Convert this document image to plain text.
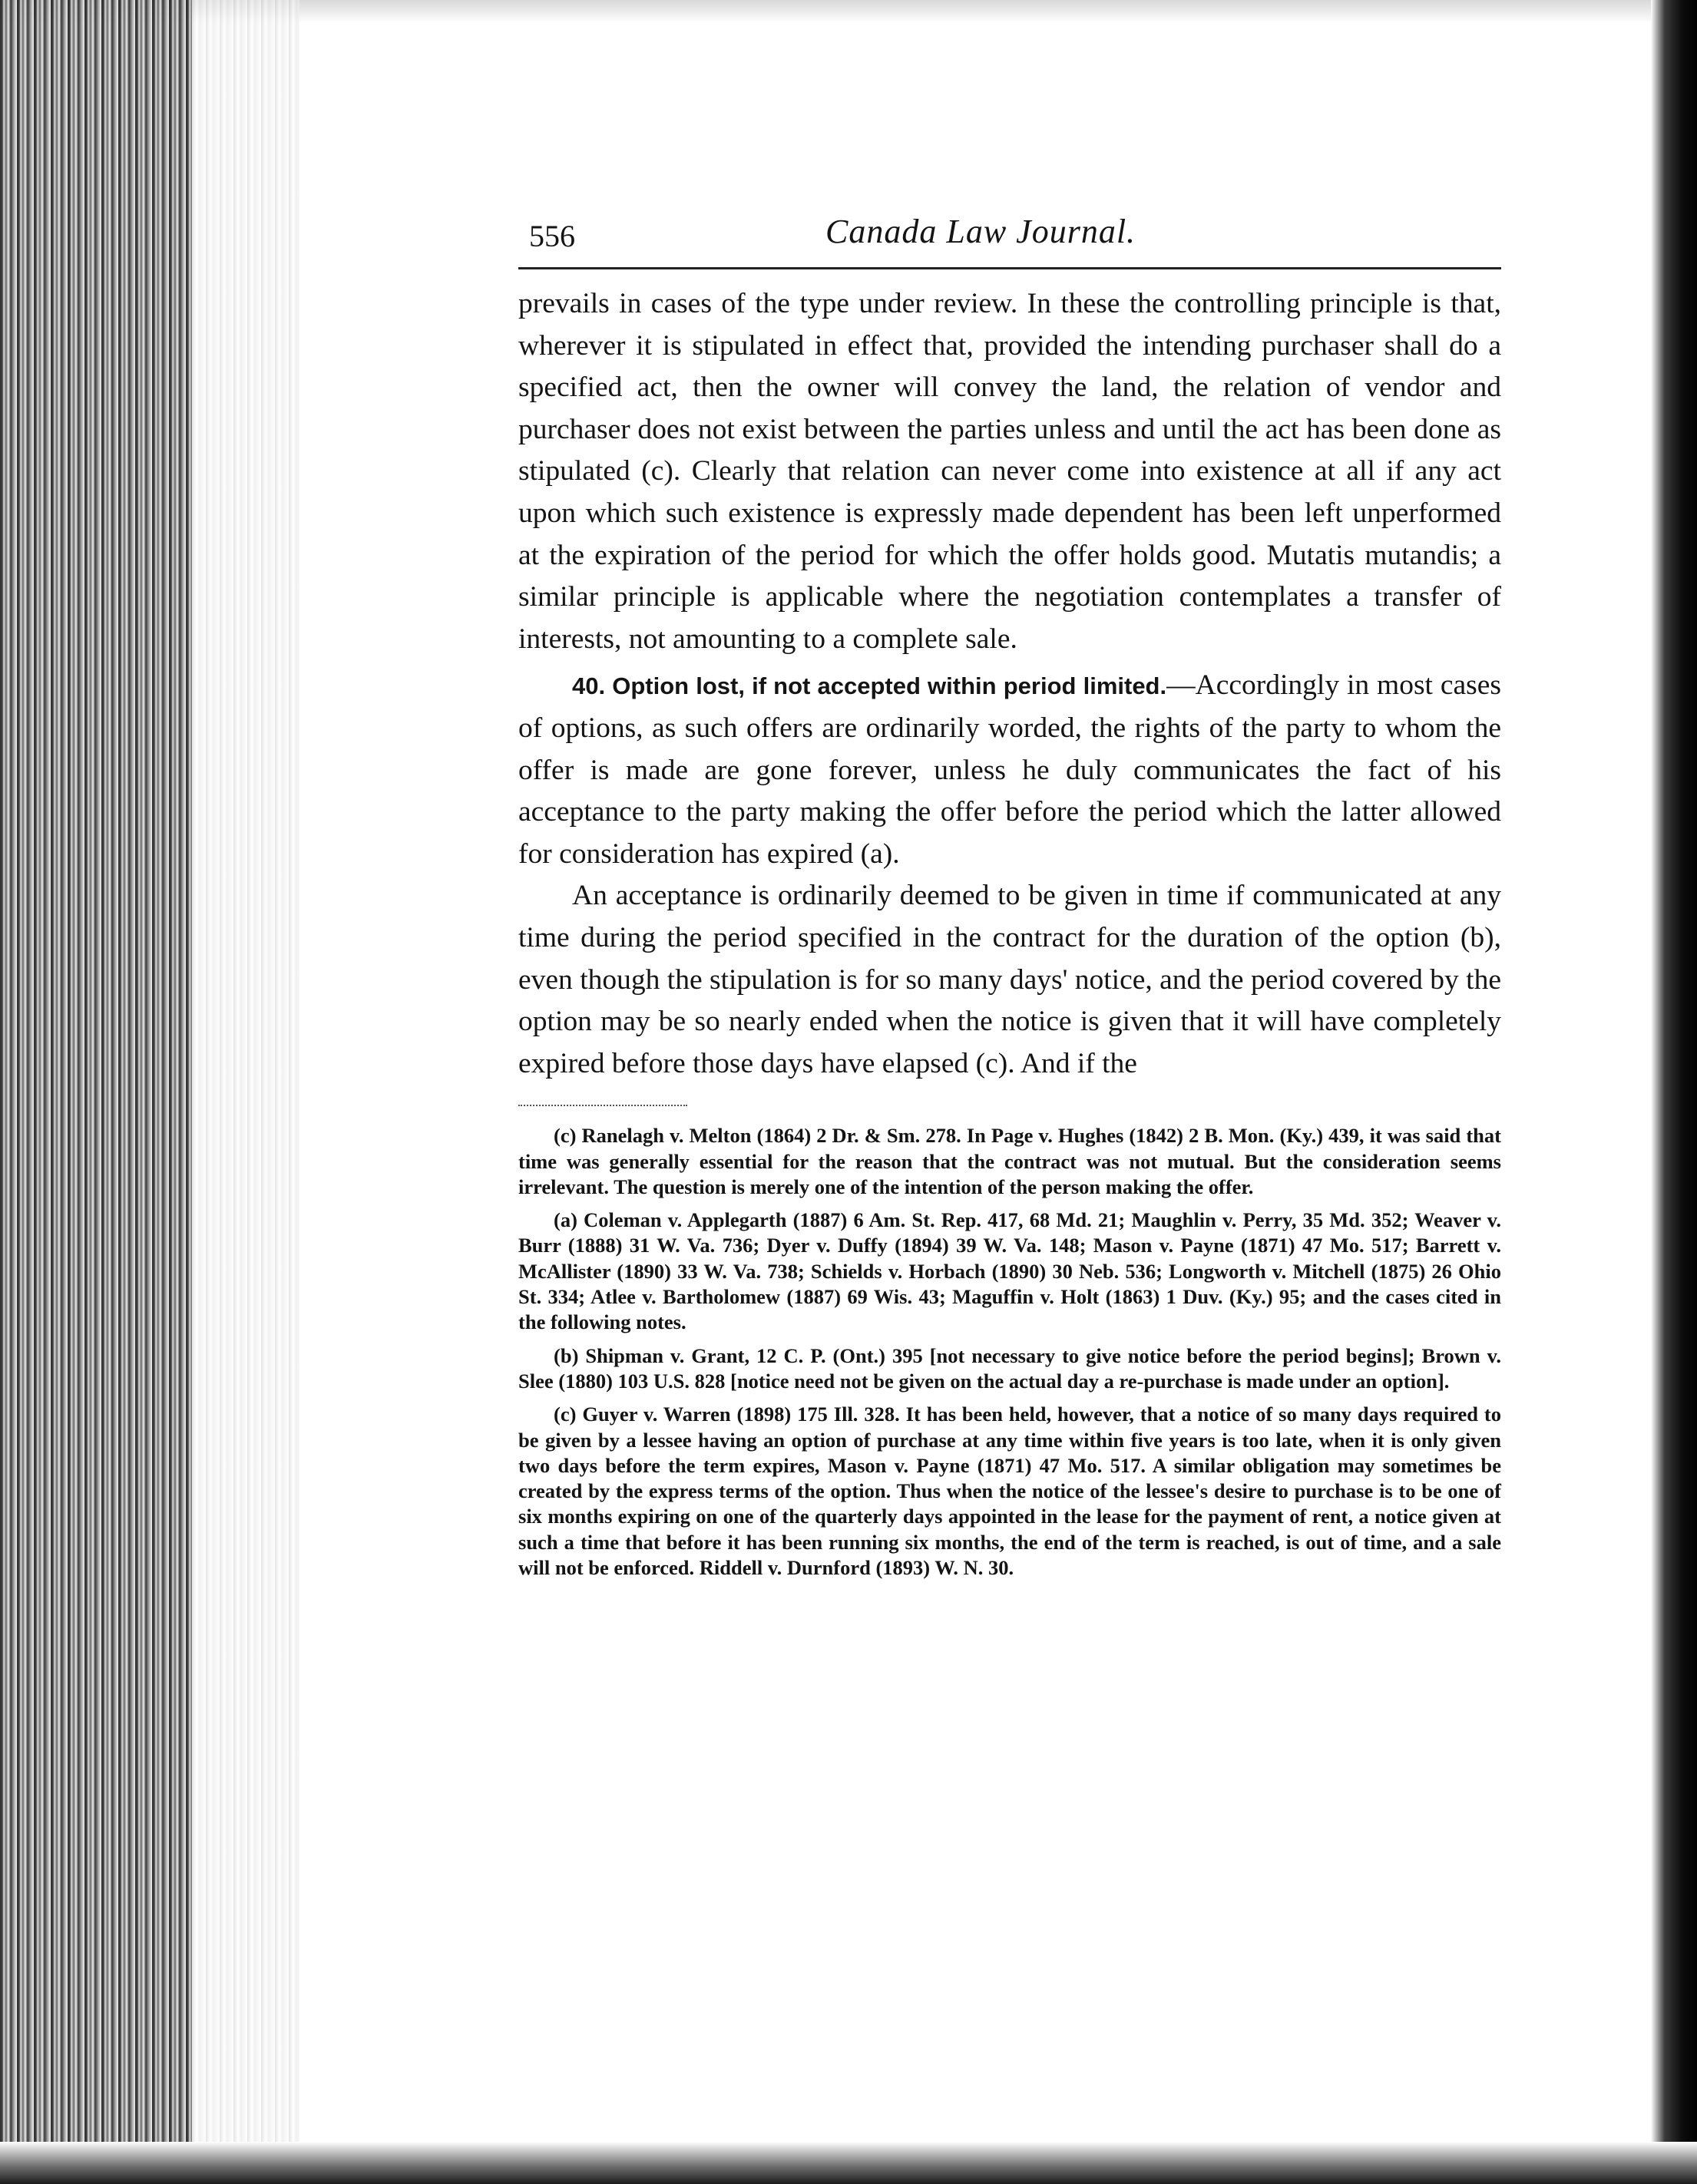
556	Canada Law Journal.

prevails in cases of the type under review. In these the controlling principle is that, wherever it is stipulated in effect that, provided the intending purchaser shall do a specified act, then the owner will convey the land, the relation of vendor and purchaser does not exist between the parties unless and until the act has been done as stipulated (c). Clearly that relation can never come into existence at all if any act upon which such existence is expressly made dependent has been left unperformed at the expiration of the period for which the offer holds good. Mutatis mutandis; a similar principle is applicable where the negotiation contemplates a transfer of interests, not amounting to a complete sale.

40. Option lost, if not accepted within period limited.—Accordingly in most cases of options, as such offers are ordinarily worded, the rights of the party to whom the offer is made are gone forever, unless he duly communicates the fact of his acceptance to the party making the offer before the period which the latter allowed for consideration has expired (a).

An acceptance is ordinarily deemed to be given in time if communicated at any time during the period specified in the contract for the duration of the option (b), even though the stipulation is for so many days' notice, and the period covered by the option may be so nearly ended when the notice is given that it will have completely expired before those days have elapsed (c). And if the

(c) Ranelagh v. Melton (1864) 2 Dr. & Sm. 278. In Page v. Hughes (1842) 2 B. Mon. (Ky.) 439, it was said that time was generally essential for the reason that the contract was not mutual. But the consideration seems irrelevant. The question is merely one of the intention of the person making the offer.

(a) Coleman v. Applegarth (1887) 6 Am. St. Rep. 417, 68 Md. 21; Maughlin v. Perry, 35 Md. 352; Weaver v. Burr (1888) 31 W. Va. 736; Dyer v. Duffy (1894) 39 W. Va. 148; Mason v. Payne (1871) 47 Mo. 517; Barrett v. McAllister (1890) 33 W. Va. 738; Schields v. Horbach (1890) 30 Neb. 536; Longworth v. Mitchell (1875) 26 Ohio St. 334; Atlee v. Bartholomew (1887) 69 Wis. 43; Maguffin v. Holt (1863) 1 Duv. (Ky.) 95; and the cases cited in the following notes.

(b) Shipman v. Grant, 12 C. P. (Ont.) 395 [not necessary to give notice before the period begins]; Brown v. Slee (1880) 103 U.S. 828 [notice need not be given on the actual day a re-purchase is made under an option].

(c) Guyer v. Warren (1898) 175 Ill. 328. It has been held, however, that a notice of so many days required to be given by a lessee having an option of purchase at any time within five years is too late, when it is only given two days before the term expires, Mason v. Payne (1871) 47 Mo. 517. A similar obligation may sometimes be created by the express terms of the option. Thus when the notice of the lessee's desire to purchase is to be one of six months expiring on one of the quarterly days appointed in the lease for the payment of rent, a notice given at such a time that before it has been running six months, the end of the term is reached, is out of time, and a sale will not be enforced. Riddell v. Durnford (1893) W. N. 30.
